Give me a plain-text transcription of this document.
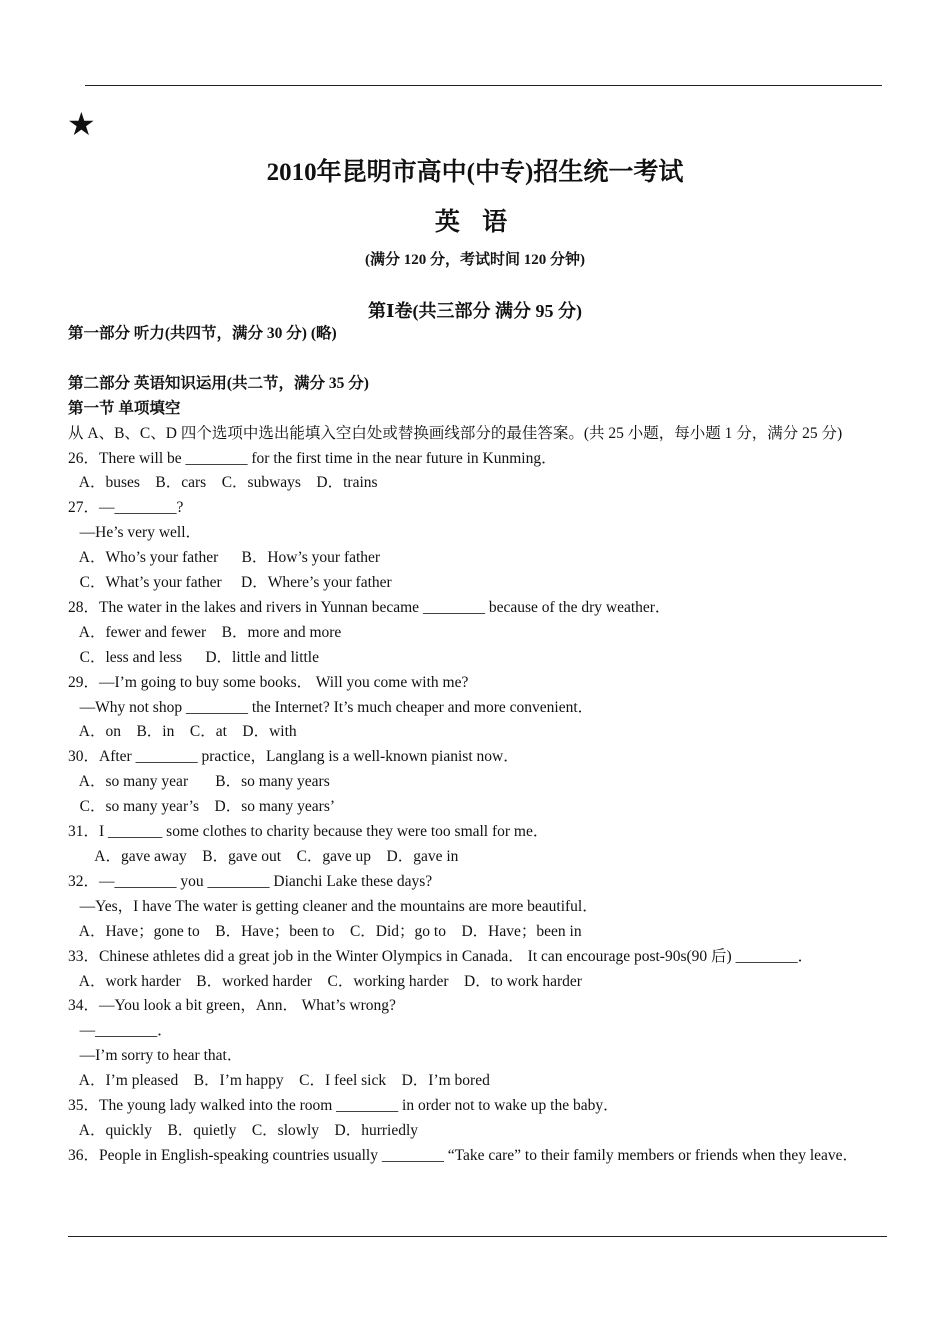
★
2010年昆明市高中(中专)招生统一考试
英 语
(满分 120 分，考试时间 120 分钟)
第Ⅰ卷(共三部分 满分 95 分)
第一部分 听力(共四节，满分 30 分) (略)
第二部分 英语知识运用(共二节，满分 35 分)
第一节 单项填空
从 A、B、C、D 四个选项中选出能填入空白处或替换画线部分的最佳答案。(共 25 小题，每小题 1 分，满分 25 分)
26．There will be ________ for the first time in the near future in Kunming．
A．buses    B．cars    C．subways    D．trains
27．—________?
—He’s very well．
A．Who’s your father      B．How’s your father
C．What’s your father     D．Where’s your father
28．The water in the lakes and rivers in Yunnan became ________ because of the dry weather．
A．fewer and fewer    B．more and more
C．less and less      D．little and little
29．—I’m going to buy some books． Will you come with me?
—Why not shop ________ the Internet? It’s much cheaper and more convenient．
A．on    B．in    C．at    D．with
30．After ________ practice，Langlang is a well-known pianist now．
A．so many year       B．so many years
C．so many year’s    D．so many years’
31．I _______ some clothes to charity because they were too small for me．
A．gave away    B．gave out    C．gave up    D．gave in
32．—________ you ________ Dianchi Lake these days?
—Yes，I have The water is getting cleaner and the mountains are more beautiful．
A．Have；gone to    B．Have；been to    C．Did；go to    D．Have；been in
33．Chinese athletes did a great job in the Winter Olympics in Canada． It can encourage post-90s(90 后) ________．
A．work harder    B．worked harder    C．working harder    D．to work harder
34．—You look a bit green，Ann． What’s wrong?
—________．
—I’m sorry to hear that．
A．I’m pleased    B．I’m happy    C．I feel sick    D．I’m bored
35．The young lady walked into the room ________ in order not to wake up the baby．
A．quickly    B．quietly    C．slowly    D．hurriedly
36．People in English-speaking countries usually ________ “Take care” to their family members or friends when they leave．
